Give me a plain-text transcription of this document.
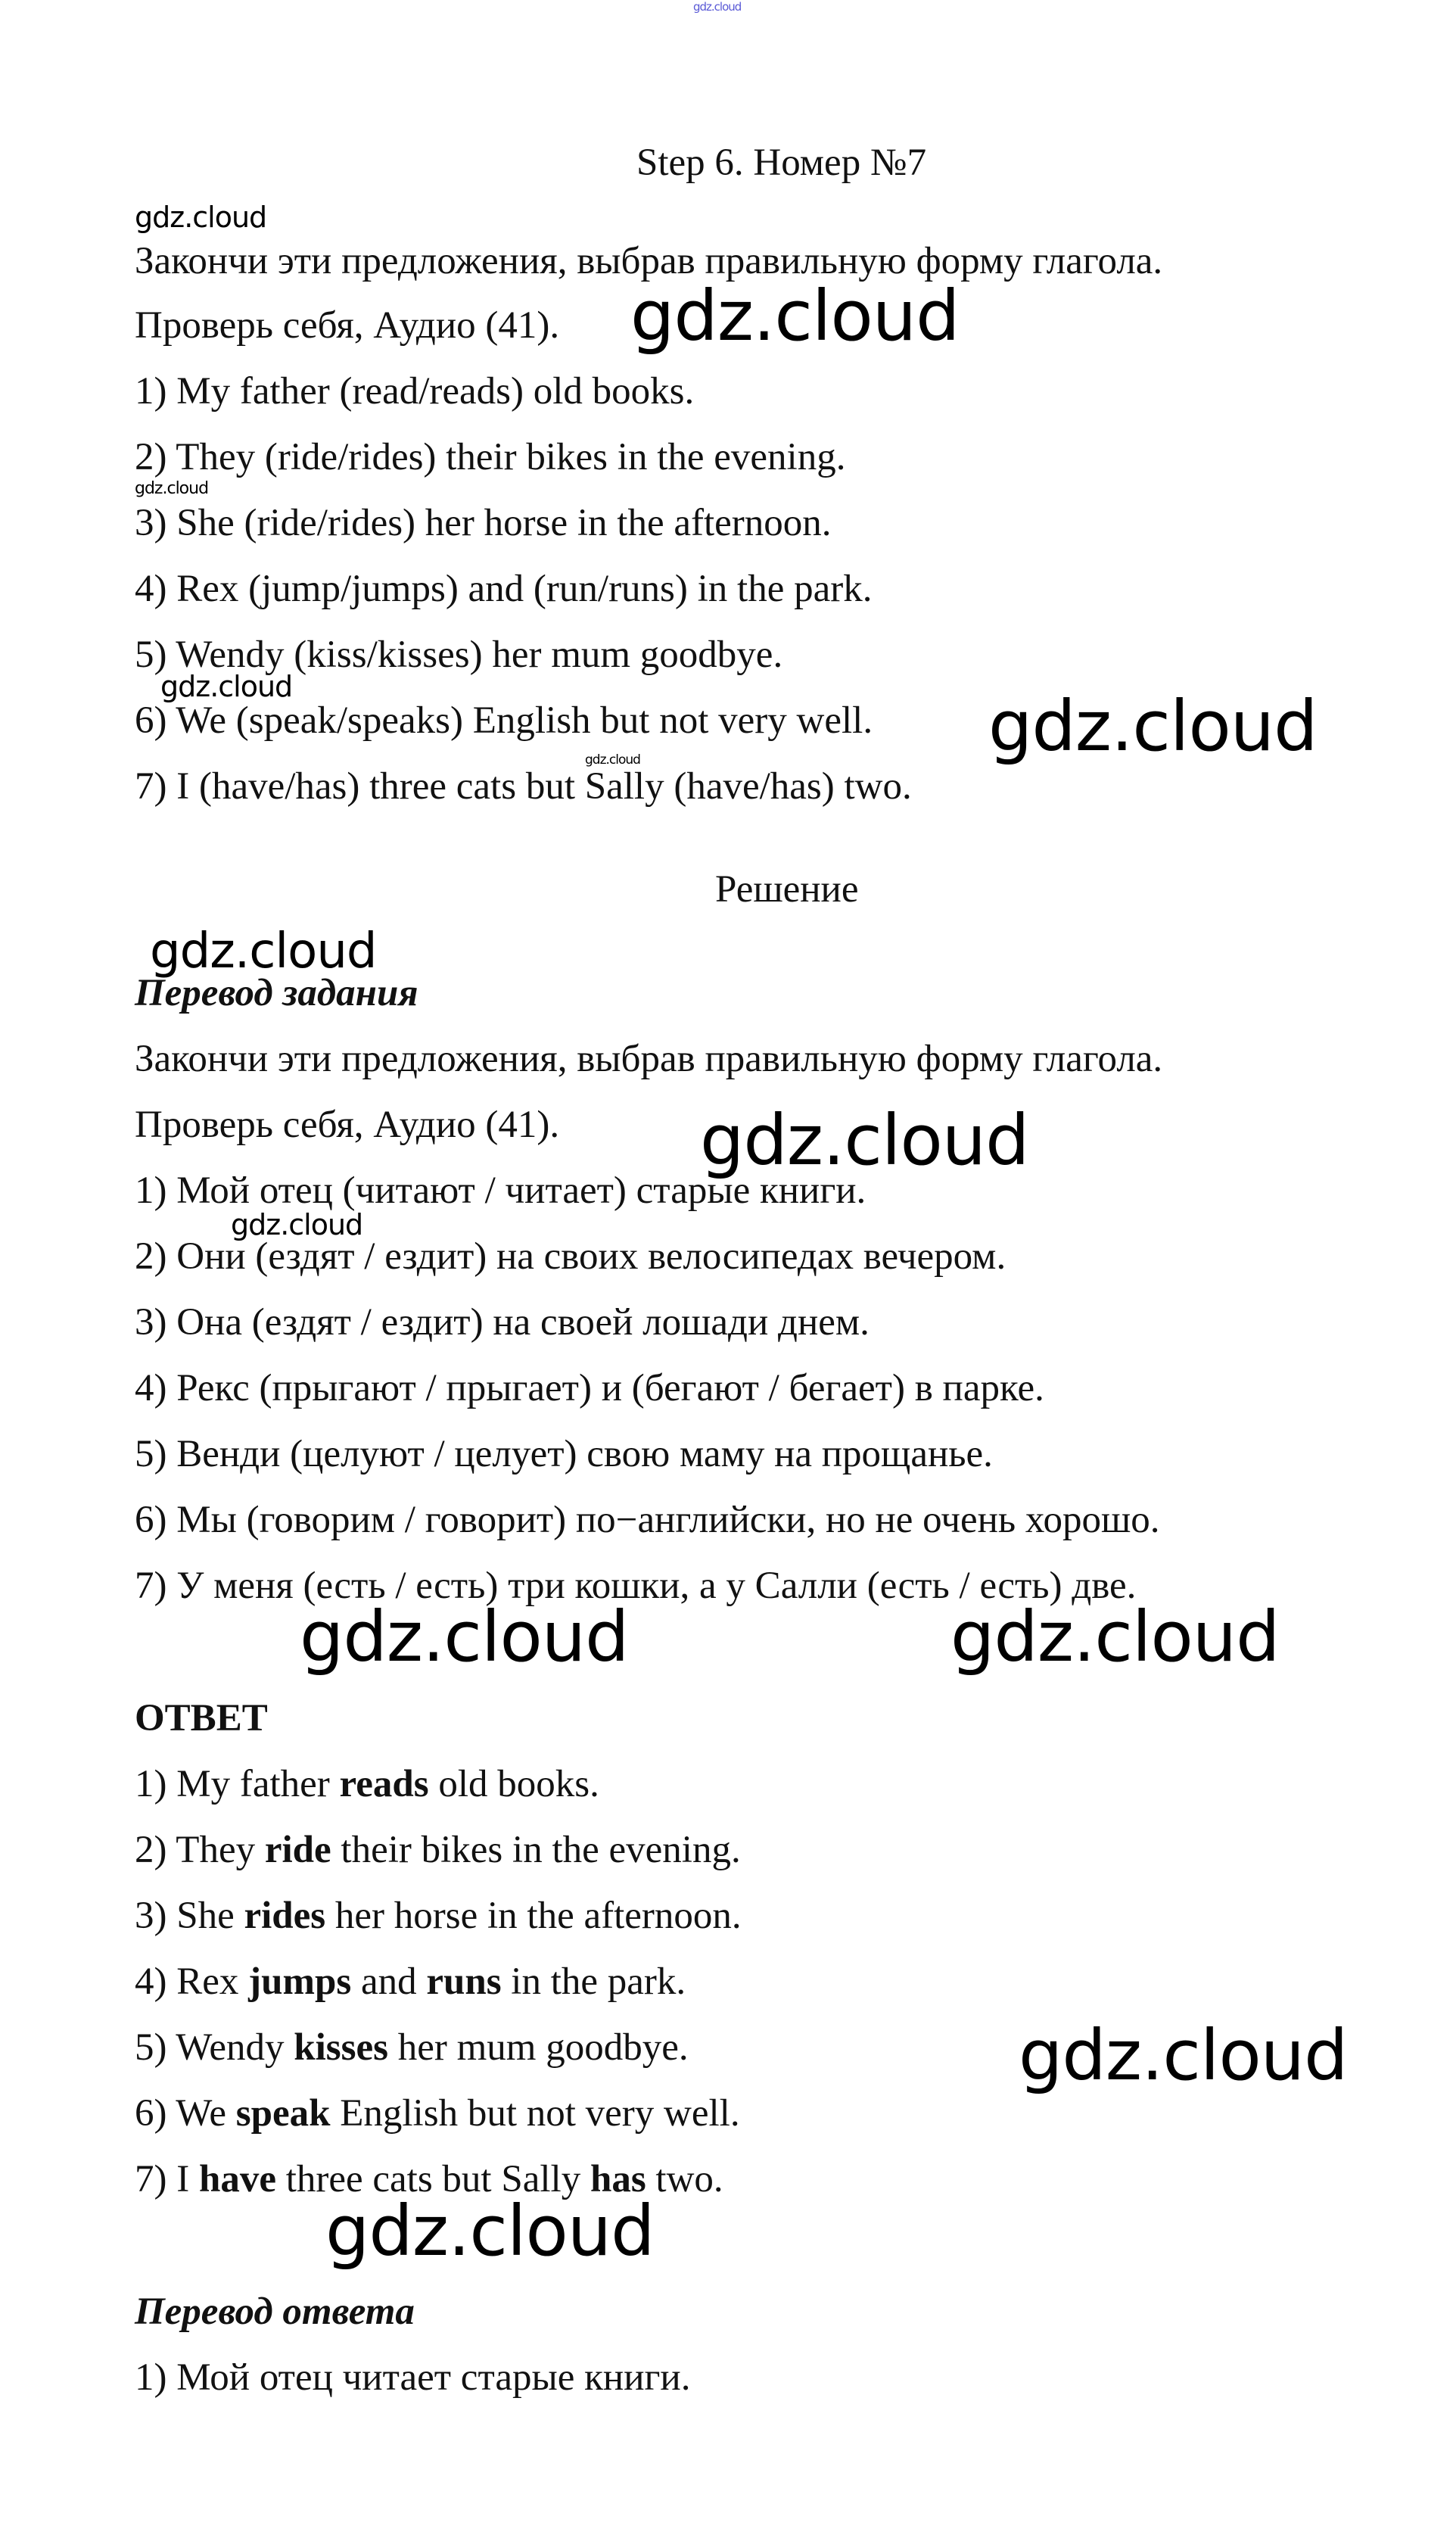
gdz.cloud
gdz.cloud
gdz.cloud
gdz.cloud
gdz.cloud	gdz.cloud
gdz.cloud
gdz.cloud
gdz.cloud
gdz.cloud
gdz.cloud	gdz.cloud
gdz.cloud
gdz.cloud
Step 6. Номер №7
Закончи эти предложения, выбрав правильную форму глагола.
Проверь себя, Аудио (41).
1) My father (read/reads) old books.
2) They (ride/rides) their bikes in the evening.
3) She (ride/rides) her horse in the afternoon.
4) Rex (jump/jumps) and (run/runs) in the park.
5) Wendy (kiss/kisses) her mum goodbye.
6) We (speak/speaks) English but not very well.
7) I (have/has) three cats but Sally (have/has) two.
Решение
Перевод задания
Закончи эти предложения, выбрав правильную форму глагола.
Проверь себя, Аудио (41).
1) Мой отец (читают / читает) старые книги.
2) Они (ездят / ездит) на своих велосипедах вечером.
3) Она (ездят / ездит) на своей лошади днем.
4) Рекс (прыгают / прыгает) и (бегают / бегает) в парке.
5) Венди (целуют / целует) свою маму на прощанье.
6) Мы (говорим / говорит) по−английски, но не очень хорошо.
7) У меня (есть / есть) три кошки, а у Салли (есть / есть) две.
ОТВЕТ
1) My father reads old books.
2) They ride their bikes in the evening.
3) She rides her horse in the afternoon.
4) Rex jumps and runs in the park.
5) Wendy kisses her mum goodbye.
6) We speak English but not very well.
7) I have three cats but Sally has two.
Перевод ответа
1) Мой отец читает старые книги.
